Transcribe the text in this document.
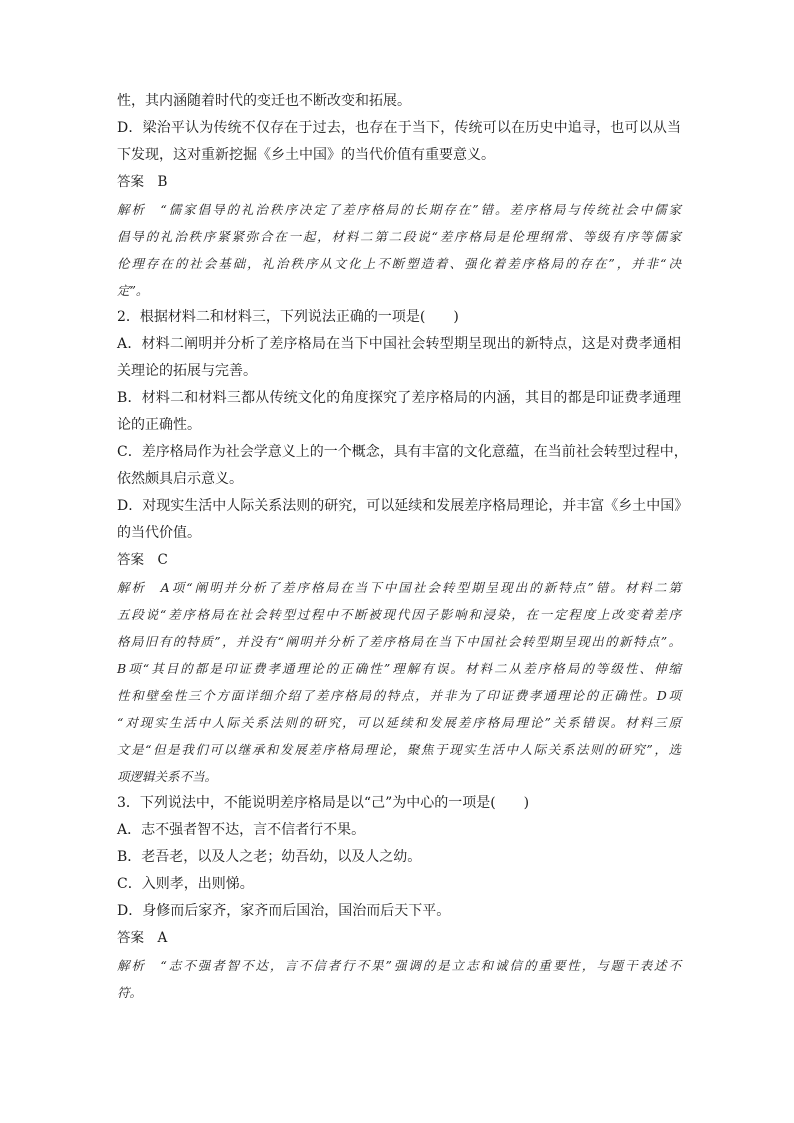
性，其内涵随着时代的变迁也不断改变和拓展。

D．梁治平认为传统不仅存在于过去，也存在于当下，传统可以在历史中追寻，也可以从当

下发现，这对重新挖掘《乡土中国》的当代价值有重要意义。

答案　B

解析　“儒家倡导的礼治秩序决定了差序格局的长期存在”错。差序格局与传统社会中儒家

倡导的礼治秩序紧紧弥合在一起，材料二第二段说“差序格局是伦理纲常、等级有序等儒家

伦理存在的社会基础，礼治秩序从文化上不断塑造着、强化着差序格局的存在”，并非“决

定”。

2．根据材料二和材料三，下列说法正确的一项是(　　)

A．材料二阐明并分析了差序格局在当下中国社会转型期呈现出的新特点，这是对费孝通相

关理论的拓展与完善。

B．材料二和材料三都从传统文化的角度探究了差序格局的内涵，其目的都是印证费孝通理

论的正确性。

C．差序格局作为社会学意义上的一个概念，具有丰富的文化意蕴，在当前社会转型过程中，

依然颇具启示意义。

D．对现实生活中人际关系法则的研究，可以延续和发展差序格局理论，并丰富《乡土中国》

的当代价值。

答案　C

解析　A项“阐明并分析了差序格局在当下中国社会转型期呈现出的新特点”错。材料二第

五段说“差序格局在社会转型过程中不断被现代因子影响和浸染，在一定程度上改变着差序

格局旧有的特质”，并没有“阐明并分析了差序格局在当下中国社会转型期呈现出的新特点”。

B项“其目的都是印证费孝通理论的正确性”理解有误。材料二从差序格局的等级性、伸缩

性和壁垒性三个方面详细介绍了差序格局的特点，并非为了印证费孝通理论的正确性。D项

“对现实生活中人际关系法则的研究，可以延续和发展差序格局理论”关系错误。材料三原

文是“但是我们可以继承和发展差序格局理论，聚焦于现实生活中人际关系法则的研究”，选

项逻辑关系不当。

3．下列说法中，不能说明差序格局是以“己”为中心的一项是(　　)

A．志不强者智不达，言不信者行不果。

B．老吾老，以及人之老；幼吾幼，以及人之幼。

C．入则孝，出则悌。

D．身修而后家齐，家齐而后国治，国治而后天下平。

答案　A

解析　“志不强者智不达，言不信者行不果”强调的是立志和诚信的重要性，与题干表述不

符。
